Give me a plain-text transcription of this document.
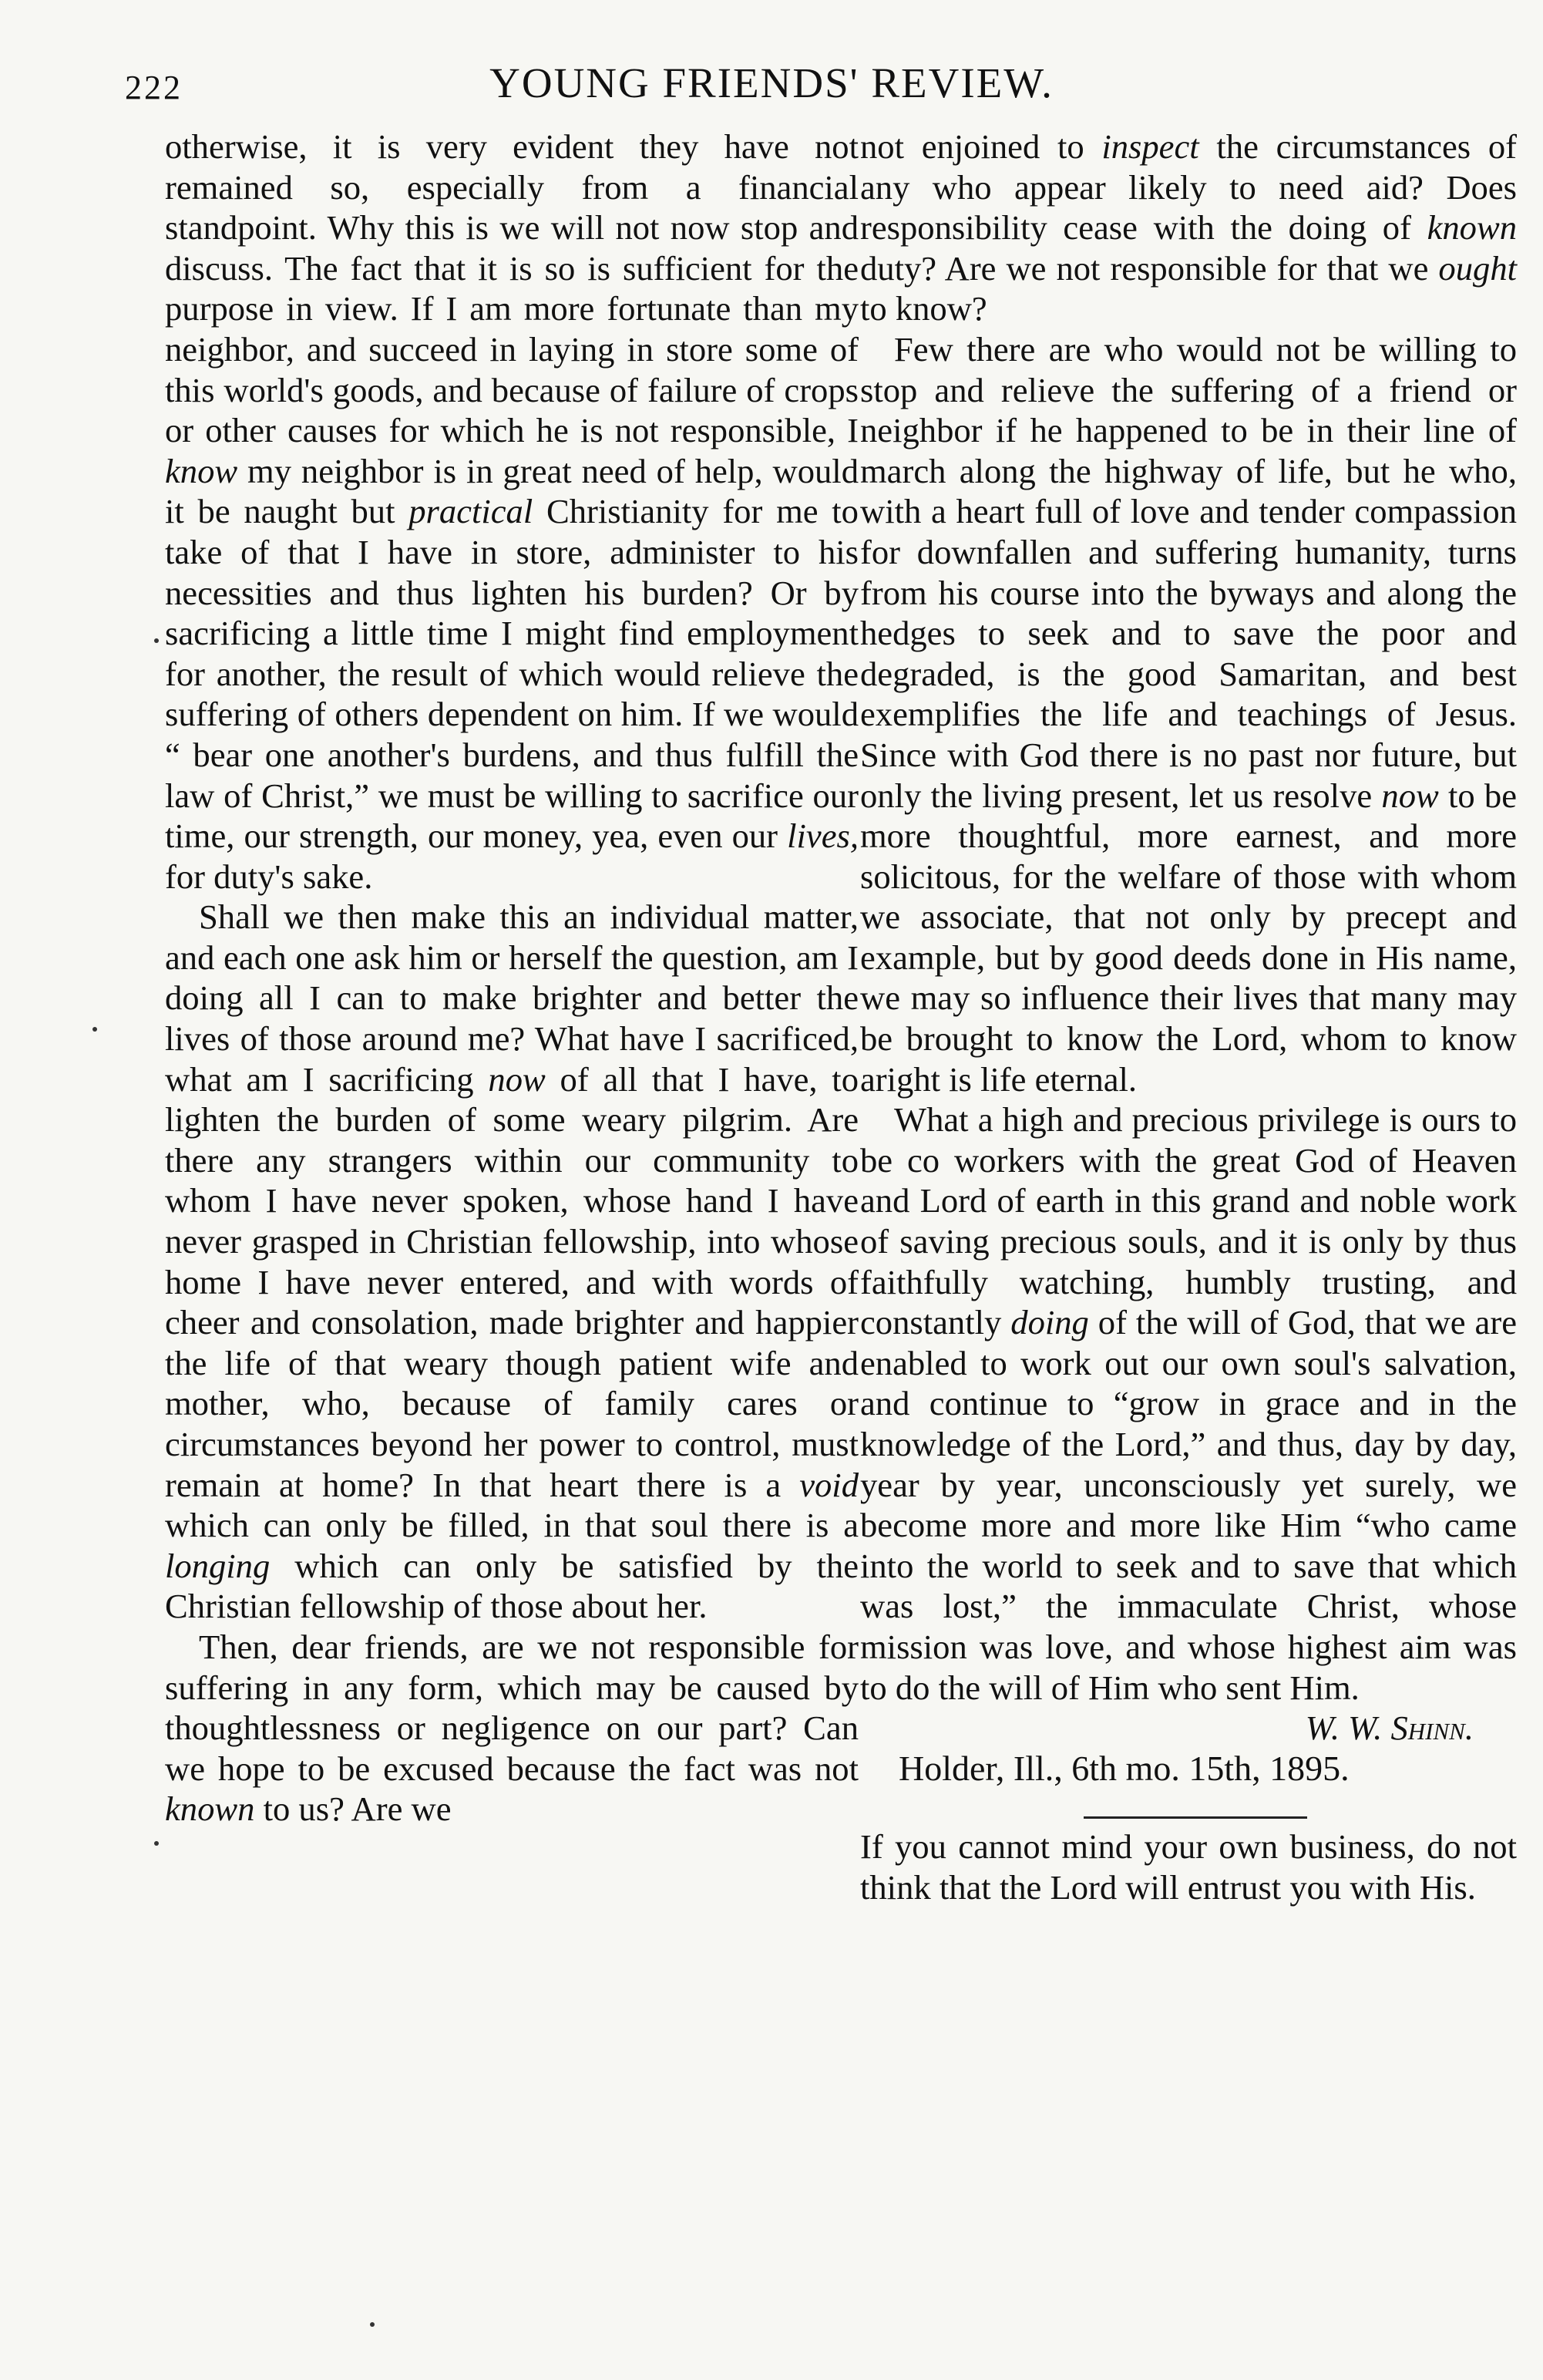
222	YOUNG FRIENDS' REVIEW.

otherwise, it is very evident they have not remained so, especially from a financial standpoint. Why this is we will not now stop and discuss. The fact that it is so is sufficient for the purpose in view. If I am more fortunate than my neighbor, and succeed in laying in store some of this world's goods, and because of failure of crops or other causes for which he is not responsible, I know my neighbor is in great need of help, would it be naught but practical Christianity for me to take of that I have in store, administer to his necessities and thus lighten his burden? Or by sacrificing a little time I might find employment for another, the result of which would relieve the suffering of others dependent on him. If we would “ bear one another's burdens, and thus fulfill the law of Christ,” we must be willing to sacrifice our time, our strength, our money, yea, even our lives, for duty's sake.

Shall we then make this an individual matter, and each one ask him or herself the question, am I doing all I can to make brighter and better the lives of those around me? What have I sacrificed, what am I sacrificing now of all that I have, to lighten the burden of some weary pilgrim. Are there any strangers within our community to whom I have never spoken, whose hand I have never grasped in Christian fellowship, into whose home I have never entered, and with words of cheer and consolation, made brighter and happier the life of that weary though patient wife and mother, who, because of family cares or circumstances beyond her power to control, must remain at home? In that heart there is a void which can only be filled, in that soul there is a longing which can only be satisfied by the Christian fellowship of those about her.

Then, dear friends, are we not responsible for suffering in any form, which may be caused by thoughtlessness or negligence on our part? Can we hope to be excused because the fact was not known to us? Are we

not enjoined to inspect the circumstances of any who appear likely to need aid? Does responsibility cease with the doing of known duty? Are we not responsible for that we ought to know?

Few there are who would not be willing to stop and relieve the suffering of a friend or neighbor if he happened to be in their line of march along the highway of life, but he who, with a heart full of love and tender compassion for downfallen and suffering humanity, turns from his course into the byways and along the hedges to seek and to save the poor and degraded, is the good Samaritan, and best exemplifies the life and teachings of Jesus. Since with God there is no past nor future, but only the living present, let us resolve now to be more thoughtful, more earnest, and more solicitous, for the welfare of those with whom we associate, that not only by precept and example, but by good deeds done in His name, we may so influence their lives that many may be brought to know the Lord, whom to know aright is life eternal.

What a high and precious privilege is ours to be co workers with the great God of Heaven and Lord of earth in this grand and noble work of saving precious souls, and it is only by thus faithfully watching, humbly trusting, and constantly doing of the will of God, that we are enabled to work out our own soul's salvation, and continue to “grow in grace and in the knowledge of the Lord,” and thus, day by day, year by year, unconsciously yet surely, we become more and more like Him “who came into the world to seek and to save that which was lost,” the immaculate Christ, whose mission was love, and whose highest aim was to do the will of Him who sent Him.

W. W. Shinn.

Holder, Ill., 6th mo. 15th, 1895.

If you cannot mind your own business, do not think that the Lord will entrust you with His.
